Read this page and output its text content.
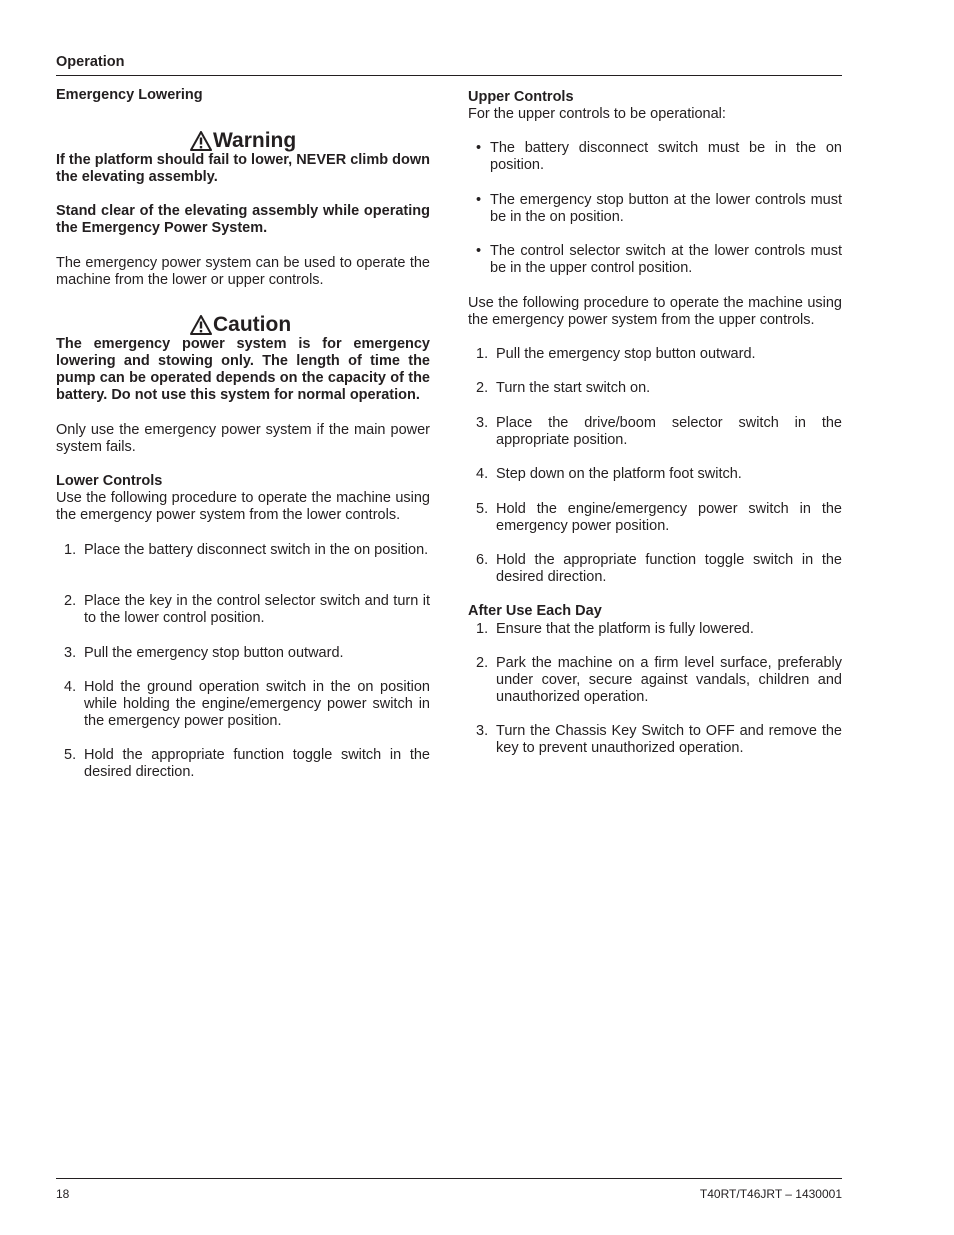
Operation
Emergency Lowering
Warning
If the platform should fail to lower, NEVER climb down the elevating assembly.
Stand clear of the elevating assembly while operating the Emergency Power System.
The emergency power system can be used to operate the machine from the lower or upper controls.
Caution
The emergency power system is for emergency lowering and stowing only. The length of time the pump can be operated depends on the capacity of the battery. Do not use this system for normal operation.
Only use the emergency power system if the main power system fails.
Lower Controls
Use the following procedure to operate the machine using the emergency power system from the lower controls.
1. Place the battery disconnect switch in the on position.
2. Place the key in the control selector switch and turn it to the lower control position.
3. Pull the emergency stop button outward.
4. Hold the ground operation switch in the on position while holding the engine/emergency power switch in the emergency power position.
5. Hold the appropriate function toggle switch in the desired direction.
Upper Controls
For the upper controls to be operational:
• The battery disconnect switch must be in the on position.
• The emergency stop button at the lower controls must be in the on position.
• The control selector switch at the lower controls must be in the upper control position.
Use the following procedure to operate the machine using the emergency power system from the upper controls.
1. Pull the emergency stop button outward.
2. Turn the start switch on.
3. Place the drive/boom selector switch in the appropriate position.
4. Step down on the platform foot switch.
5. Hold the engine/emergency power switch in the emergency power position.
6. Hold the appropriate function toggle switch in the desired direction.
After Use Each Day
1. Ensure that the platform is fully lowered.
2. Park the machine on a firm level surface, preferably under cover, secure against vandals, children and unauthorized operation.
3. Turn the Chassis Key Switch to OFF and remove the key to prevent unauthorized operation.
18	T40RT/T46JRT – 1430001
